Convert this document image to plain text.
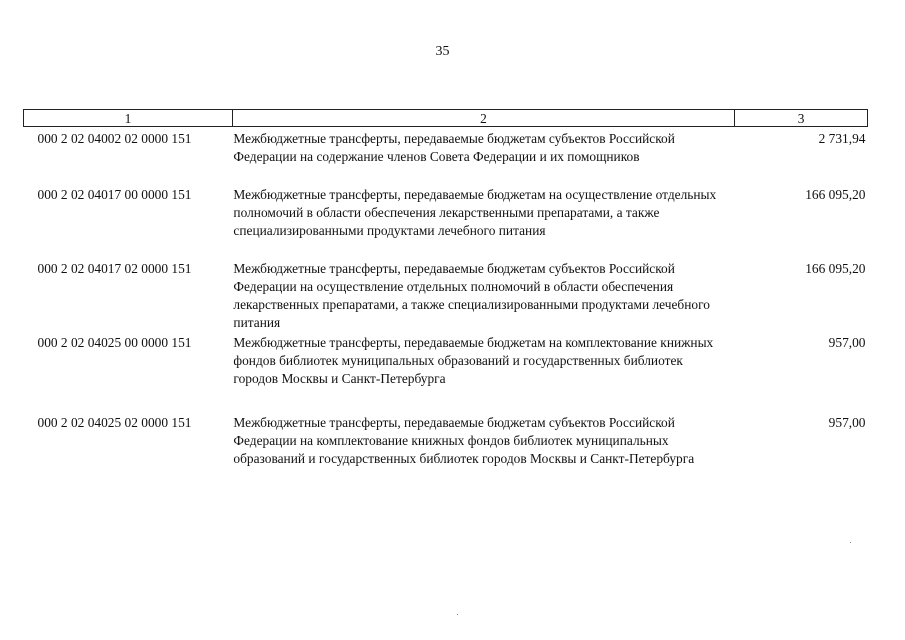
35
1	2	3
000 2 02 04002 02 0000 151	Межбюджетные трансферты, передаваемые бюджетам субъектов Российской Федерации на содержание членов Совета Федерации и их помощников	2 731,94
000 2 02 04017 00 0000 151	Межбюджетные трансферты, передаваемые бюджетам на осуществление отдельных полномочий в области обеспечения лекарственными препаратами, а также специализированными продуктами лечебного питания	166 095,20
000 2 02 04017 02 0000 151	Межбюджетные трансферты, передаваемые бюджетам субъектов Российской Федерации на осуществление отдельных полномочий в области обеспечения лекарственных препаратами, а также специализированными продуктами лечебного питания	166 095,20
000 2 02 04025 00 0000 151	Межбюджетные трансферты, передаваемые бюджетам на комплектование книжных фондов библиотек муниципальных образований и государственных библиотек городов Москвы и Санкт-Петербурга	957,00
000 2 02 04025 02 0000 151	Межбюджетные трансферты, передаваемые бюджетам субъектов Российской Федерации на комплектование книжных фондов библиотек муниципальных образований и государственных библиотек городов Москвы и Санкт-Петербурга	957,00
